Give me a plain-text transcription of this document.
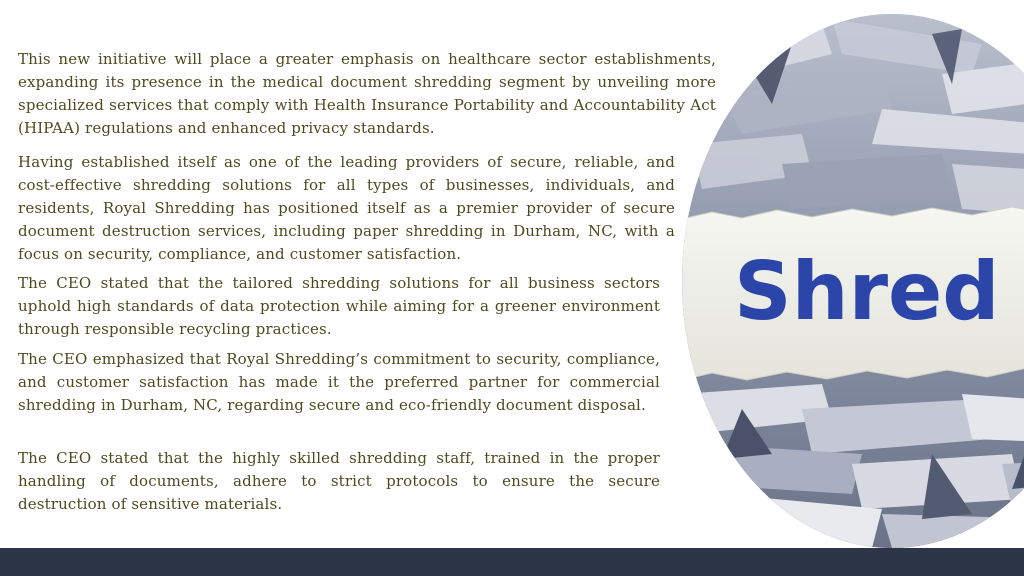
This new initiative will place a greater emphasis on healthcare sector establishments, expanding its presence in the medical document shredding segment by unveiling more specialized services that comply with Health Insurance Portability and Accountability Act (HIPAA) regulations and enhanced privacy standards.

Having established itself as one of the leading providers of secure, reliable, and cost-effective shredding solutions for all types of businesses, individuals, and residents, Royal Shredding has positioned itself as a premier provider of secure document destruction services, including paper shredding in Durham, NC, with a focus on security, compliance, and customer satisfaction.

The CEO stated that the tailored shredding solutions for all business sectors uphold high standards of data protection while aiming for a greener environment through responsible recycling practices.

The CEO emphasized that Royal Shredding’s commitment to security, compliance, and customer satisfaction has made it the preferred partner for commercial shredding in Durham, NC, regarding secure and eco-friendly document disposal.

The CEO stated that the highly skilled shredding staff, trained in the proper handling of documents, adhere to strict protocols to ensure the secure destruction of sensitive materials.

Shred
